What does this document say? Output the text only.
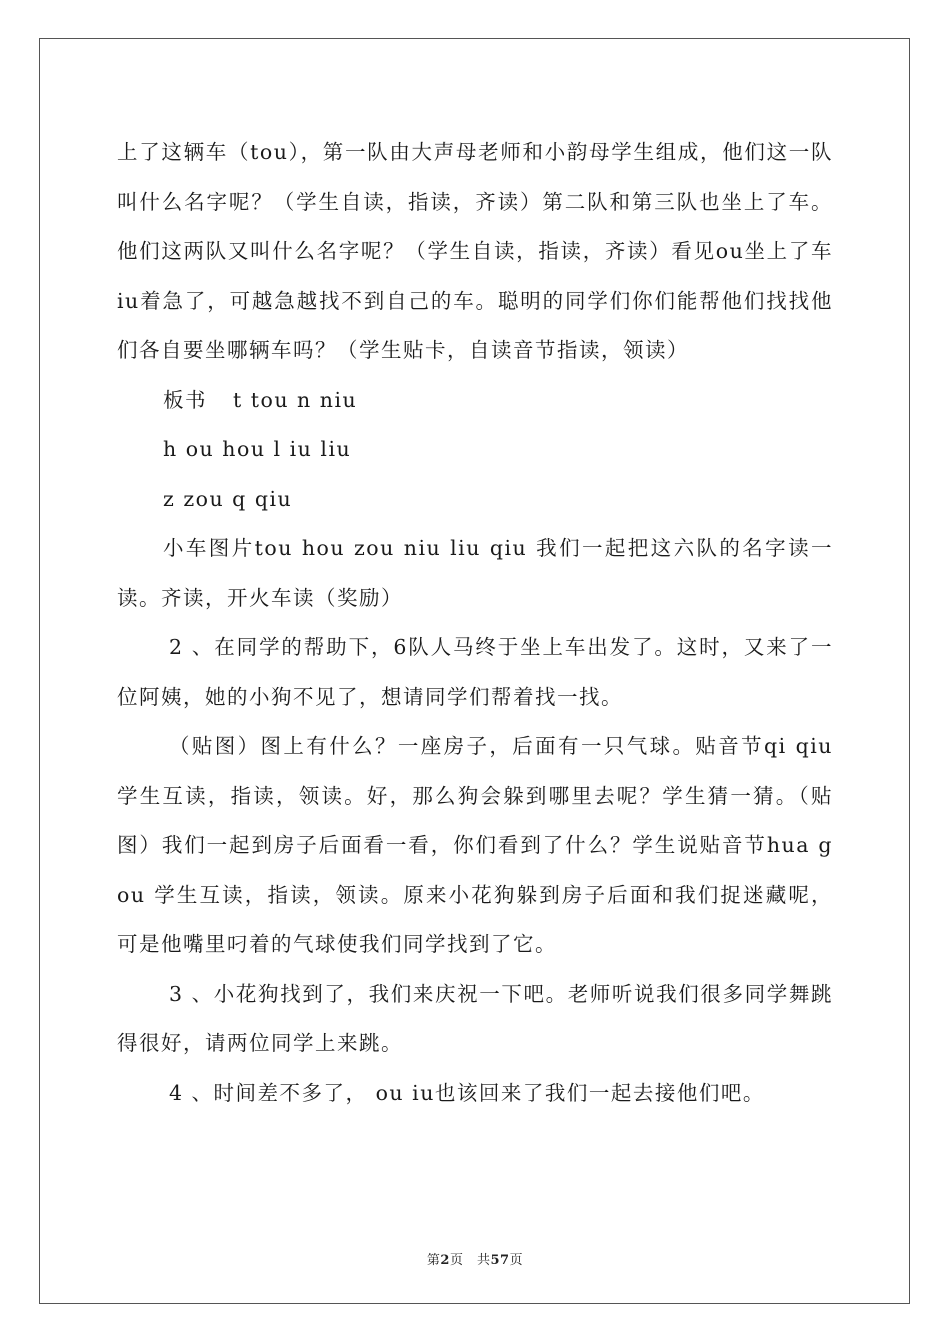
上了这辆车（tou），第一队由大声母老师和小韵母学生组成，他们这一队叫什么名字呢？（学生自读，指读，齐读）第二队和第三队也坐上了车。他们这两队又叫什么名字呢？（学生自读，指读，齐读）看见ou坐上了车iu着急了，可越急越找不到自己的车。聪明的同学们你们能帮他们找找他们各自要坐哪辆车吗？（学生贴卡，自读音节指读，领读）

板书 t tou n niu

h ou hou l iu liu

z zou q qiu

小车图片tou hou zou niu liu qiu 我们一起把这六队的名字读一读。齐读，开火车读（奖励）

2 、在同学的帮助下，6队人马终于坐上车出发了。这时，又来了一位阿姨，她的小狗不见了，想请同学们帮着找一找。

（贴图）图上有什么？一座房子，后面有一只气球。贴音节qi qiu 学生互读，指读，领读。好，那么狗会躲到哪里去呢？学生猜一猜。（贴图）我们一起到房子后面看一看，你们看到了什么？学生说贴音节hua gou 学生互读，指读，领读。原来小花狗躲到房子后面和我们捉迷藏呢，可是他嘴里叼着的气球使我们同学找到了它。

3 、小花狗找到了，我们来庆祝一下吧。老师听说我们很多同学舞跳得很好，请两位同学上来跳。

4 、时间差不多了， ou iu也该回来了我们一起去接他们吧。

第2页　共57页
